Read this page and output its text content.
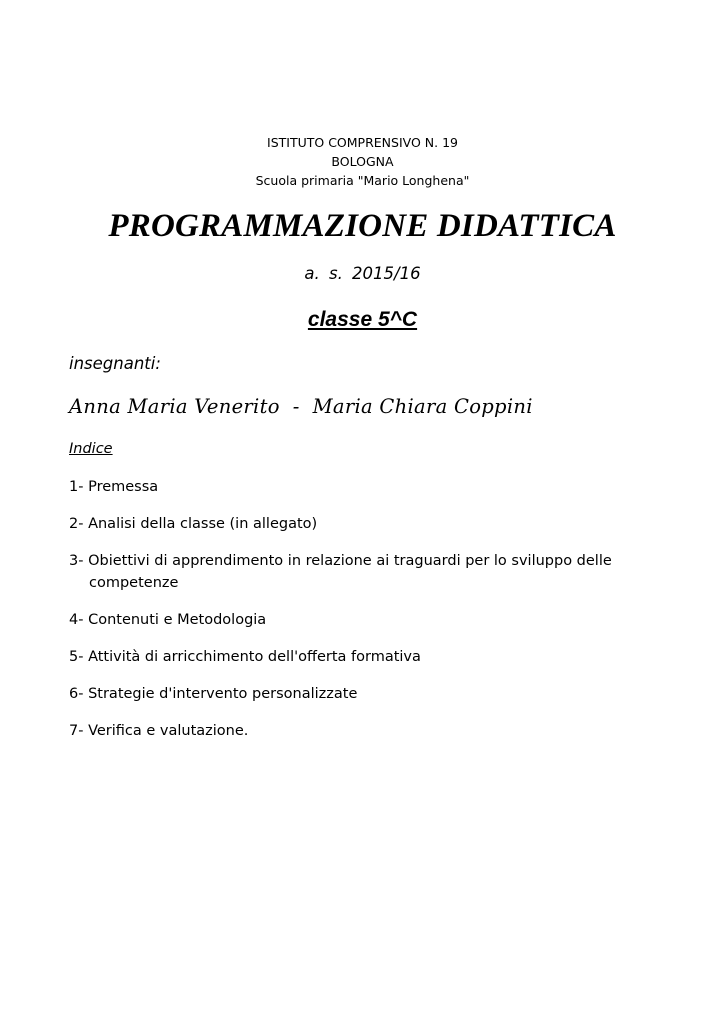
ISTITUTO COMPRENSIVO N. 19
BOLOGNA
Scuola primaria "Mario Longhena"
PROGRAMMAZIONE DIDATTICA
a. s. 2015/16
classe 5^C
insegnanti:
Anna Maria Venerito  -  Maria Chiara Coppini
Indice
1- Premessa
2- Analisi della classe (in allegato)
3- Obiettivi di apprendimento in relazione ai traguardi per lo sviluppo delle
competenze
4- Contenuti e Metodologia
5- Attività di arricchimento dell'offerta formativa
6- Strategie d'intervento personalizzate
7- Verifica e valutazione.
